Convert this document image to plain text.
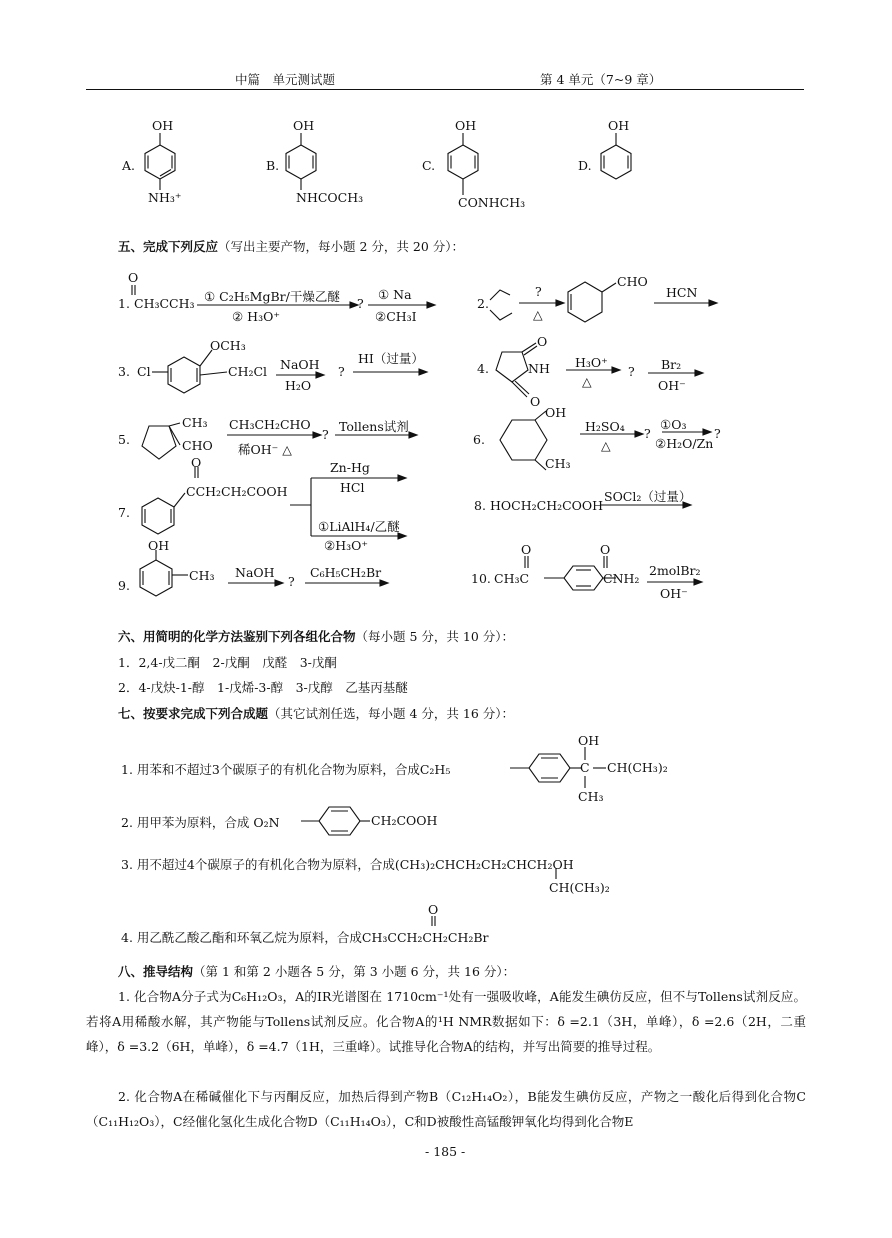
中篇　单元测试题	第 4 单元（7~9 章）
OH
A.
NH₃⁺
OH
B.
NHCOCH₃
OH
C.
CONHCH₃
OH
D.
五、完成下列反应（写出主要产物，每小题 2 分，共 20 分）：
O
1. CH₃CCH₃ ① C₂H₅MgBr/干燥乙醚
② H₃O⁺
?
① Na
②CH₃I
2.
?
△
CHO
HCN
3. Cl
OCH₃
CH₂Cl NaOH
H₂O
?
HI（过量）
4.
O
NH
O
H₃O⁺
△
? Br₂
OH⁻
5.
CH₃
CHO
CH₃CH₂CHO
稀OH⁻ △
?
Tollens试剂
6.
OH
CH₃
H₂SO₄
△
?
①O₃
②H₂O/Zn
?
7.
O
CCH₂CH₂COOH
Zn-Hg
HCl
①LiAlH₄/乙醚
②H₃O⁺
8. HOCH₂CH₂COOH
SOCl₂（过量）
OH
9.
CH₃ NaOH
?
C₆H₅CH₂Br
O	O
10. CH₃C	CNH₂
2molBr₂
OH⁻
六、用简明的化学方法鉴别下列各组化合物（每小题 5 分，共 10 分）：
1．2,4-戊二酮　2-戊酮　戊醛　3-戊酮
2．4-戊炔-1-醇　1-戊烯-3-醇　3-戊醇　乙基丙基醚
七、按要求完成下列合成题（其它试剂任选，每小题 4 分，共 16 分）：
OH
1. 用苯和不超过3个碳原子的有机化合物为原料，合成C₂H₅	C CH(CH₃)₂
CH₃
2. 用甲苯为原料，合成 O₂N	CH₂COOH
3. 用不超过4个碳原子的有机化合物为原料，合成(CH₃)₂CHCH₂CH₂CHCH₂OH
CH(CH₃)₂
O
4. 用乙酰乙酸乙酯和环氧乙烷为原料，合成CH₃CCH₂CH₂CH₂Br
八、推导结构（第 1 和第 2 小题各 5 分，第 3 小题 6 分，共 16 分）：
1. 化合物A分子式为C₆H₁₂O₃，A的IR光谱图在 1710cm⁻¹处有一强吸收峰，A能发生碘仿反应，但不与Tollens试剂反应。若将A用稀酸水解，其产物能与Tollens试剂反应。化合物A的¹H NMR数据如下：δ =2.1（3H，单峰），δ =2.6（2H，二重峰），δ =3.2（6H，单峰），δ =4.7（1H，三重峰）。试推导化合物A的结构，并写出简要的推导过程。
2. 化合物A在稀碱催化下与丙酮反应，加热后得到产物B（C₁₂H₁₄O₂），B能发生碘仿反应，产物之一酸化后得到化合物C（C₁₁H₁₂O₃），C经催化氢化生成化合物D（C₁₁H₁₄O₃），C和D被酸性高锰酸钾氧化均得到化合物E
- 185 -
